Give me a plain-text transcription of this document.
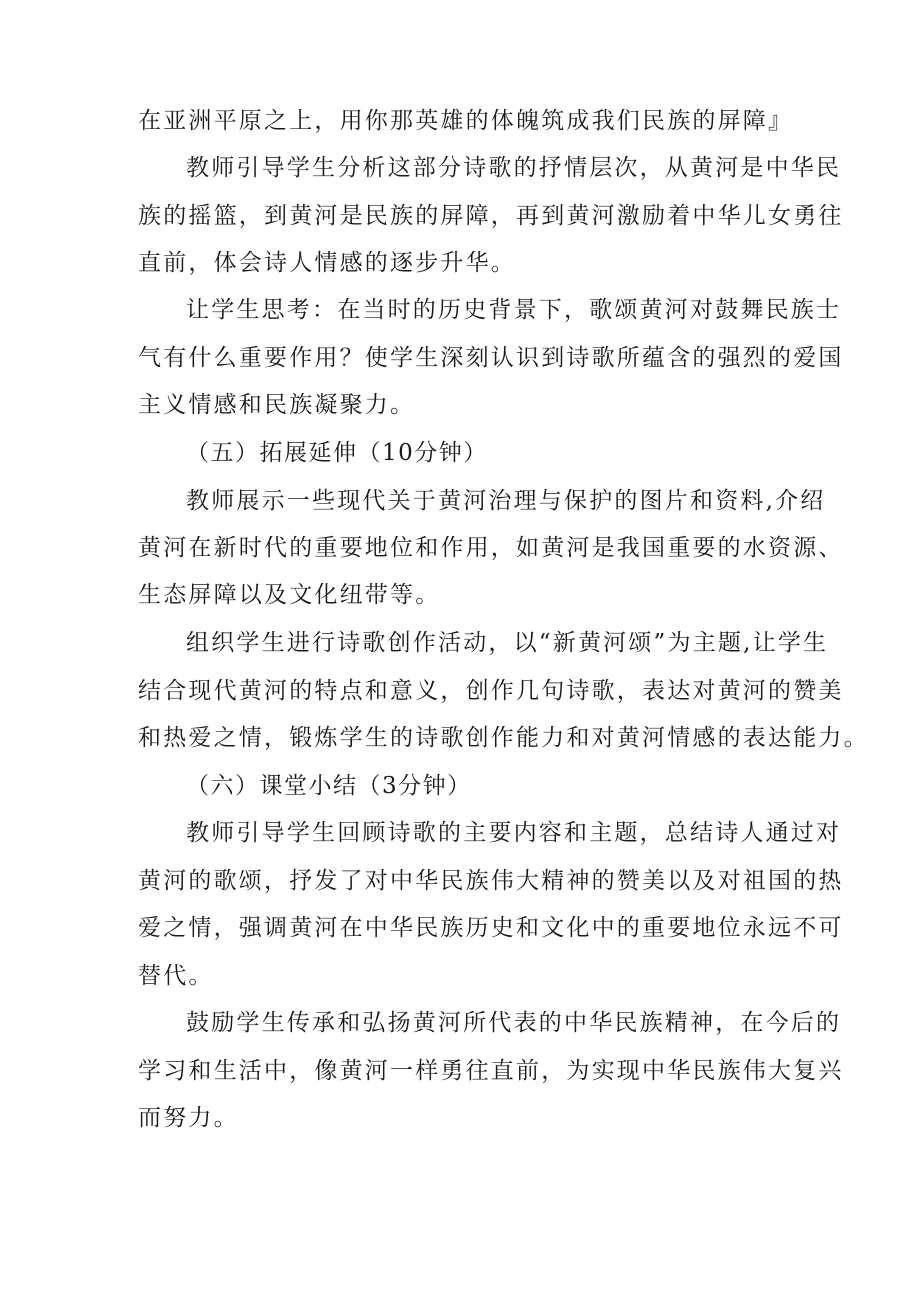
在亚洲平原之上，用你那英雄的体魄筑成我们民族的屏障』
教师引导学生分析这部分诗歌的抒情层次，从黄河是中华民
族的摇篮，到黄河是民族的屏障，再到黄河激励着中华儿女勇往
直前，体会诗人情感的逐步升华。
让学生思考：在当时的历史背景下，歌颂黄河对鼓舞民族士
气有什么重要作用？使学生深刻认识到诗歌所蕴含的强烈的爱国
主义情感和民族凝聚力。
（五）拓展延伸（10分钟）
教师展示一些现代关于黄河治理与保护的图片和资料,介绍
黄河在新时代的重要地位和作用，如黄河是我国重要的水资源、
生态屏障以及文化纽带等。
组织学生进行诗歌创作活动，以“新黄河颂”为主题,让学生
结合现代黄河的特点和意义，创作几句诗歌，表达对黄河的赞美
和热爱之情，锻炼学生的诗歌创作能力和对黄河情感的表达能力。
（六）课堂小结（3分钟）
教师引导学生回顾诗歌的主要内容和主题，总结诗人通过对
黄河的歌颂，抒发了对中华民族伟大精神的赞美以及对祖国的热
爱之情，强调黄河在中华民族历史和文化中的重要地位永远不可
替代。
鼓励学生传承和弘扬黄河所代表的中华民族精神，在今后的
学习和生活中，像黄河一样勇往直前，为实现中华民族伟大复兴
而努力。
